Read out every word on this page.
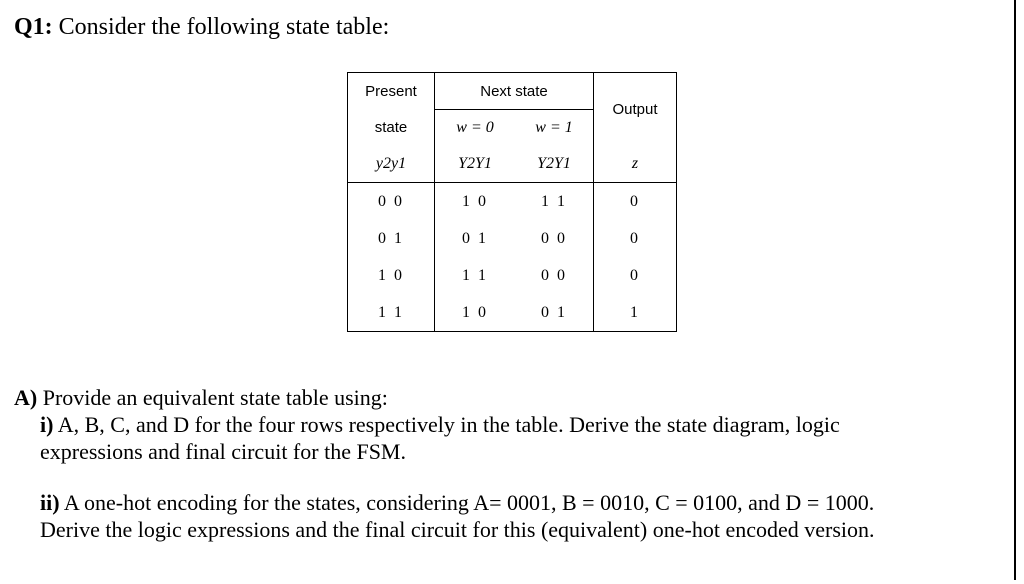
Q1: Consider the following state table:

Present	Next state		Output
state	w = 0	w = 1	
y2y1	Y2Y1	Y2Y1	z
0 0	1 0	1 1	0
0 1	0 1	0 0	0
1 0	1 1	0 0	0
1 1	1 0	0 1	1
A) Provide an equivalent state table using:
i) A, B, C, and D for the four rows respectively in the table. Derive the state diagram, logic
expressions and final circuit for the FSM.
ii) A one-hot encoding for the states, considering A= 0001, B = 0010, C = 0100, and D = 1000.
Derive the logic expressions and the final circuit for this (equivalent) one-hot encoded version.
